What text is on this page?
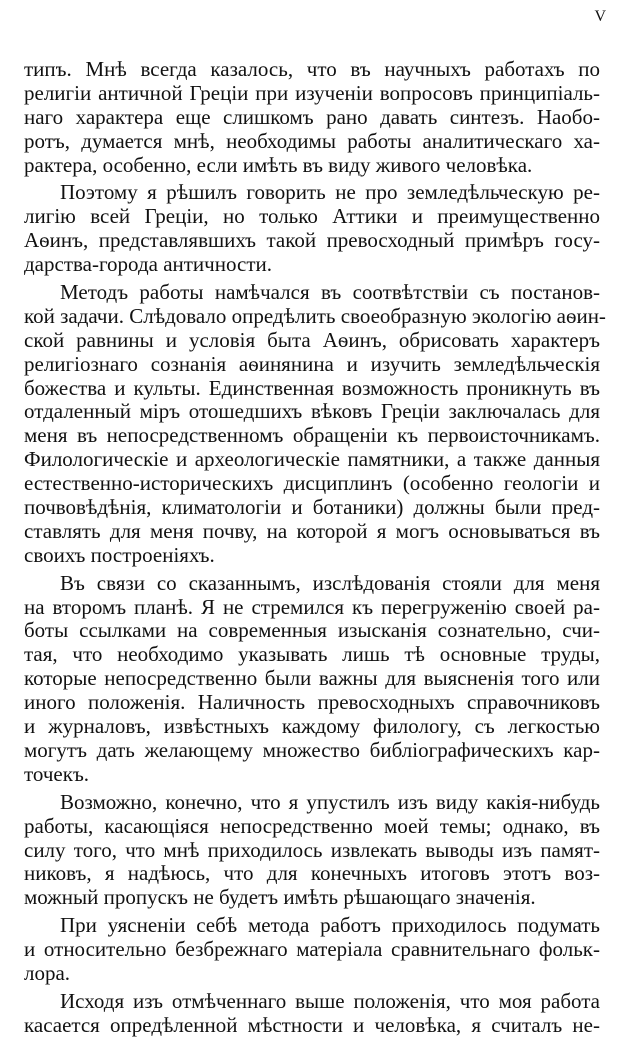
V
типъ. Мнѣ всегда казалось, что въ научныхъ работахъ по
религіи античной Греціи при изученіи вопросовъ принципіаль-
наго характера еще слишкомъ рано давать синтезъ. Наобо-
ротъ, думается мнѣ, необходимы работы аналитическаго ха-
рактера, особенно, если имѣть въ виду живого человѣка.
Поэтому я рѣшилъ говорить не про земледѣльческую ре-
лигію всей Греціи, но только Аттики и преимущественно
Аѳинъ, представлявшихъ такой превосходный примѣръ госу-
дарства-города античности.
Методъ работы намѣчался въ соотвѣтствіи съ постанов-
кой задачи. Слѣдовало опредѣлить своеобразную экологію аѳин-
ской равнины и условія быта Аѳинъ, обрисовать характеръ
религіознаго сознанія аѳинянина и изучить земледѣльческія
божества и культы. Единственная возможность проникнуть въ
отдаленный міръ отошедшихъ вѣковъ Греціи заключалась для
меня въ непосредственномъ обращеніи къ первоисточникамъ.
Филологическіе и археологическіе памятники, а также данныя
естественно-историческихъ дисциплинъ (особенно геологіи и
почвовѣдѣнія, климатологіи и ботаники) должны были пред-
ставлять для меня почву, на которой я могъ основываться въ
своихъ построеніяхъ.
Въ связи со сказаннымъ, изслѣдованія стояли для меня
на второмъ планѣ. Я не стремился къ перегруженію своей ра-
боты ссылками на современныя изысканія сознательно, счи-
тая, что необходимо указывать лишь тѣ основные труды,
которые непосредственно были важны для выясненія того или
иного положенія. Наличность превосходныхъ справочниковъ
и журналовъ, извѣстныхъ каждому филологу, съ легкостью
могутъ дать желающему множество библіографическихъ кар-
точекъ.
Возможно, конечно, что я упустилъ изъ виду какія-нибудь
работы, касающіяся непосредственно моей темы; однако, въ
силу того, что мнѣ приходилось извлекать выводы изъ памят-
никовъ, я надѣюсь, что для конечныхъ итоговъ этотъ воз-
можный пропускъ не будетъ имѣть рѣшающаго значенія.
При уясненіи себѣ метода работъ приходилось подумать
и относительно безбрежнаго матеріала сравнительнаго фольк-
лора.
Исходя изъ отмѣченнаго выше положенія, что моя работа
касается опредѣленной мѣстности и человѣка, я считалъ не-
